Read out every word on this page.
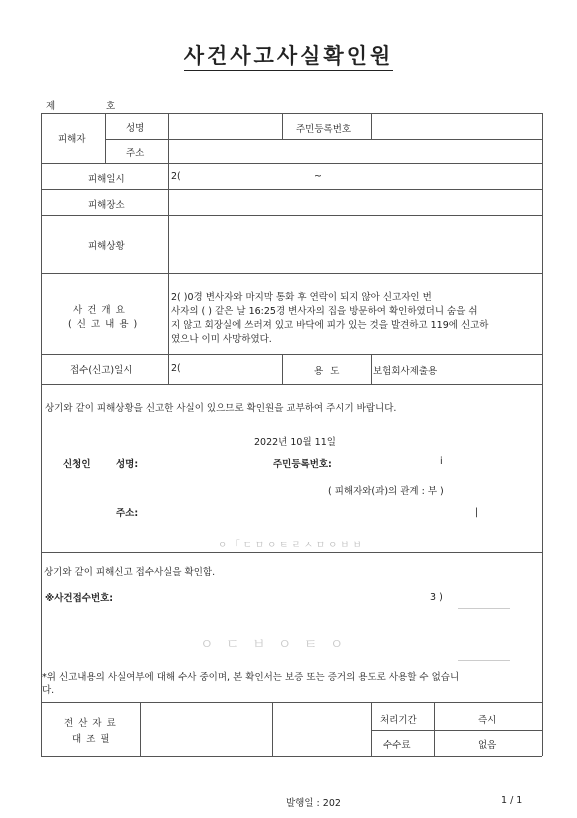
사건사고사실확인원
제	호
피해자
성명	주민등록번호
주소
피해일시	2(	~
피해장소
피해상황
사 건 개 요
( 신 고 내 용 )
2( )0경 변사자와 마지막 통화 후 연락이 되지 않아 신고자인 번
사자의 ( ) 같은 날 16:25경 변사자의 집을 방문하여 확인하였더니 숨을 쉬
지 않고 회장실에 쓰러져 있고 바닥에 피가 있는 것을 발견하고 119에 신고하
였으나 이미 사망하였다.
접수(신고)일시	2(	용 도	보험회사제출용
상기와 같이 피해상황을 신고한 사실이 있으므로 확인원을 교부하여 주시기 바랍니다.
2022년 10월 11일
신청인	성명:	주민등록번호:	i
( 피해자와(과)의 관계 : 부 )
주소:	|
ㅇ 「 ㄷ ㅁ ㅇ ㅌ ㄹ ㅅ ㅁ ㅇ ㅂ ㅂ
상기와 같이 피해신고 접수사실을 확인함.
※사건접수번호:	3 )
ㅇ ㄷ ㅂ ㅇ ㅌ ㅇ
*위 신고내용의 사실여부에 대해 수사 중이며, 본 확인서는 보증 또는 증거의 용도로 사용할 수 없습니
다.
전 산 자 료
대 조 필
처리기간	즉시
수수료	없음
발행일 : 202	1 / 1
